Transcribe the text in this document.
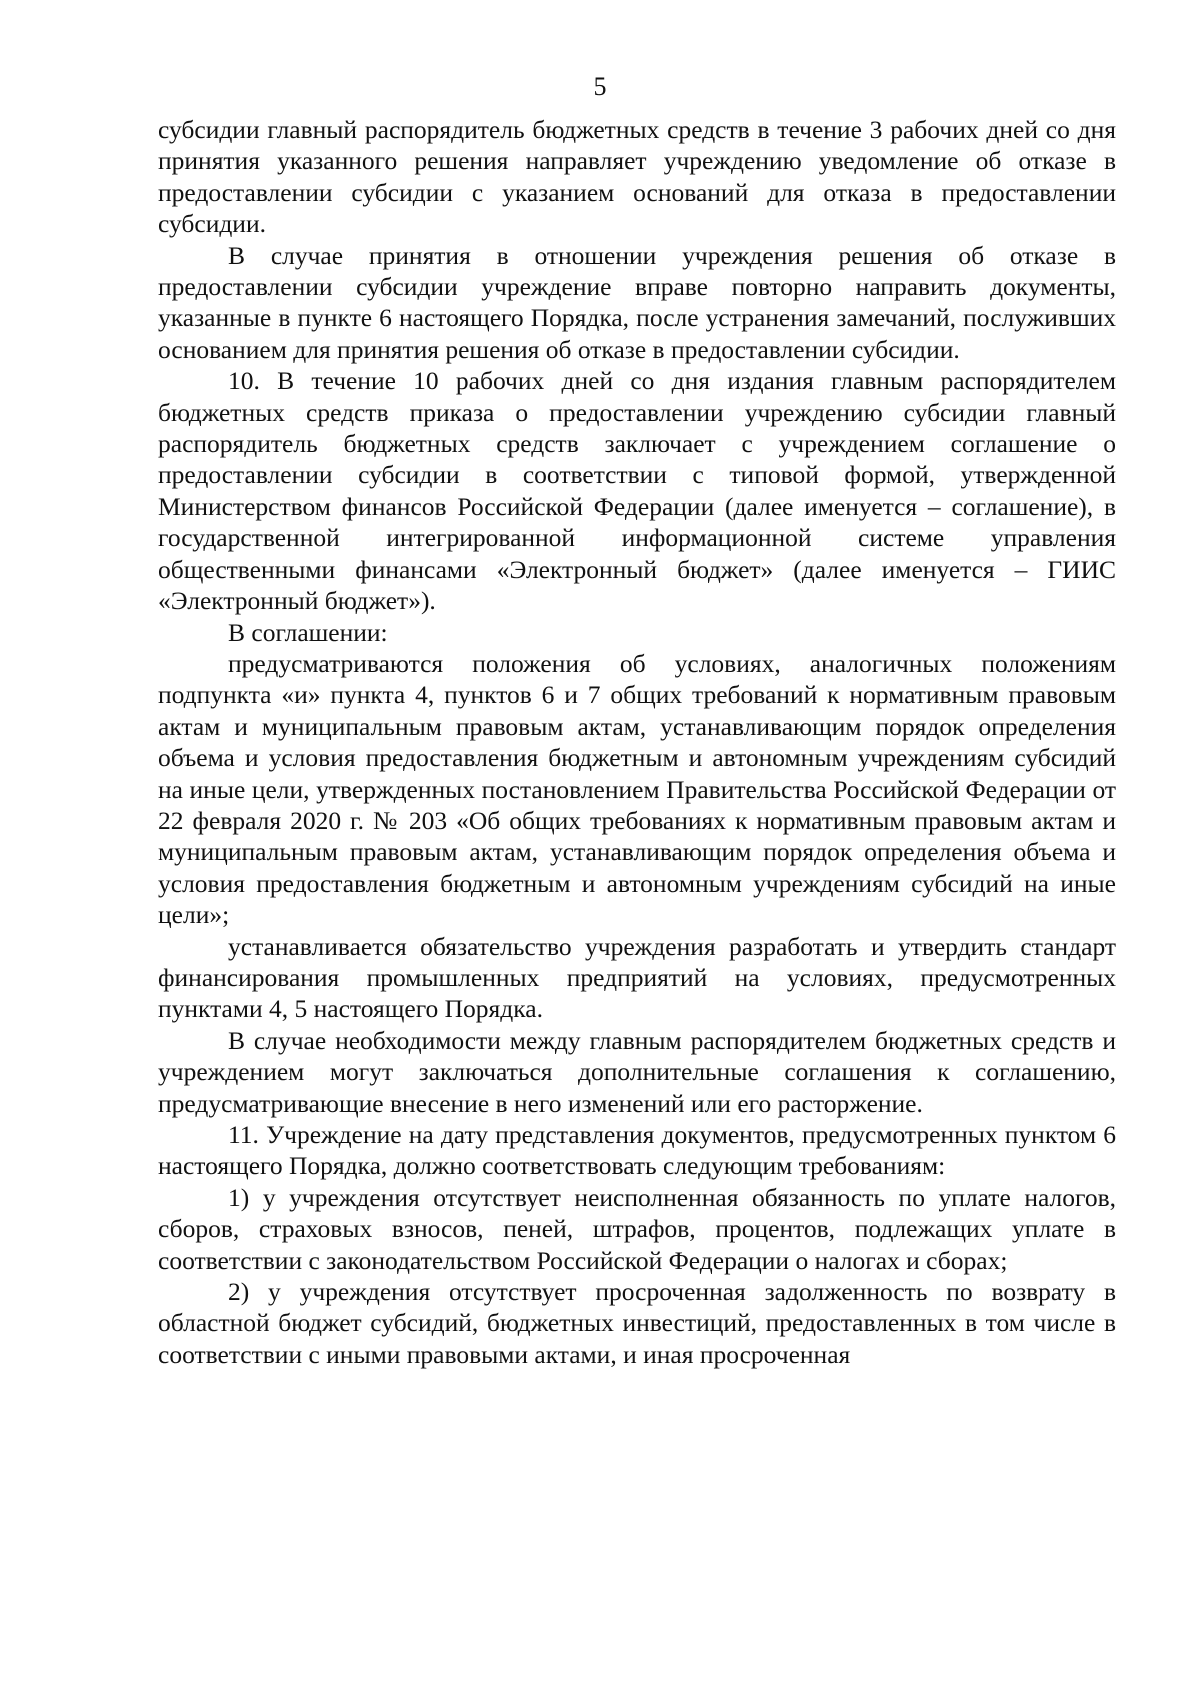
5

субсидии главный распорядитель бюджетных средств в течение 3 рабочих дней со дня принятия указанного решения направляет учреждению уведомление об отказе в предоставлении субсидии с указанием оснований для отказа в предоставлении субсидии.

В случае принятия в отношении учреждения решения об отказе в предоставлении субсидии учреждение вправе повторно направить документы, указанные в пункте 6 настоящего Порядка, после устранения замечаний, послуживших основанием для принятия решения об отказе в предоставлении субсидии.

10. В течение 10 рабочих дней со дня издания главным распорядителем бюджетных средств приказа о предоставлении учреждению субсидии главный распорядитель бюджетных средств заключает с учреждением соглашение о предоставлении субсидии в соответствии с типовой формой, утвержденной Министерством финансов Российской Федерации (далее именуется – соглашение), в государственной интегрированной информационной системе управления общественными финансами «Электронный бюджет» (далее именуется – ГИИС «Электронный бюджет»).

В соглашении:

предусматриваются положения об условиях, аналогичных положениям подпункта «и» пункта 4, пунктов 6 и 7 общих требований к нормативным правовым актам и муниципальным правовым актам, устанавливающим порядок определения объема и условия предоставления бюджетным и автономным учреждениям субсидий на иные цели, утвержденных постановлением Правительства Российской Федерации от 22 февраля 2020 г. № 203 «Об общих требованиях к нормативным правовым актам и муниципальным правовым актам, устанавливающим порядок определения объема и условия предоставления бюджетным и автономным учреждениям субсидий на иные цели»;

устанавливается обязательство учреждения разработать и утвердить стандарт финансирования промышленных предприятий на условиях, предусмотренных пунктами 4, 5 настоящего Порядка.

В случае необходимости между главным распорядителем бюджетных средств и учреждением могут заключаться дополнительные соглашения к соглашению, предусматривающие внесение в него изменений или его расторжение.

11. Учреждение на дату представления документов, предусмотренных пунктом 6 настоящего Порядка, должно соответствовать следующим требованиям:

1) у учреждения отсутствует неисполненная обязанность по уплате налогов, сборов, страховых взносов, пеней, штрафов, процентов, подлежащих уплате в соответствии с законодательством Российской Федерации о налогах и сборах;

2) у учреждения отсутствует просроченная задолженность по возврату в областной бюджет субсидий, бюджетных инвестиций, предоставленных в том числе в соответствии с иными правовыми актами, и иная просроченная
